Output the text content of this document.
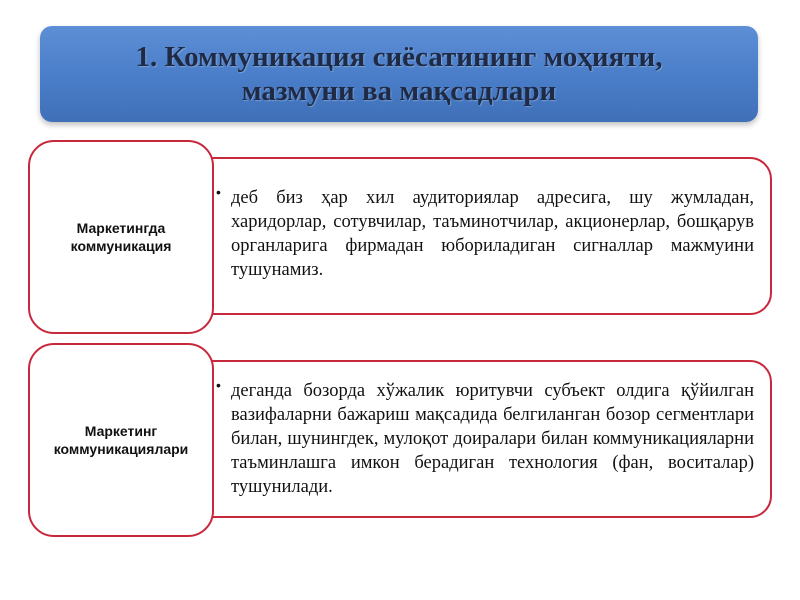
1. Коммуникация сиёсатининг моҳияти,
мазмуни ва мақсадлари
Маркетингда
коммуникация
• деб биз ҳар хил аудиториялар адресига, шу жумладан, харидорлар, сотувчилар, таъминотчилар, акционерлар, бошқарув органларига фирмадан юбориладиган сигналлар мажмуини тушунамиз.
Маркетинг
коммуникациялари
• деганда бозорда хўжалик юритувчи субъект олдига қўйилган вазифаларни бажариш мақсадида белгиланган бозор сегментлари билан, шунингдек, мулоқот доиралари билан коммуникацияларни таъминлашга имкон берадиган технология (фан, воситалар) тушунилади.
